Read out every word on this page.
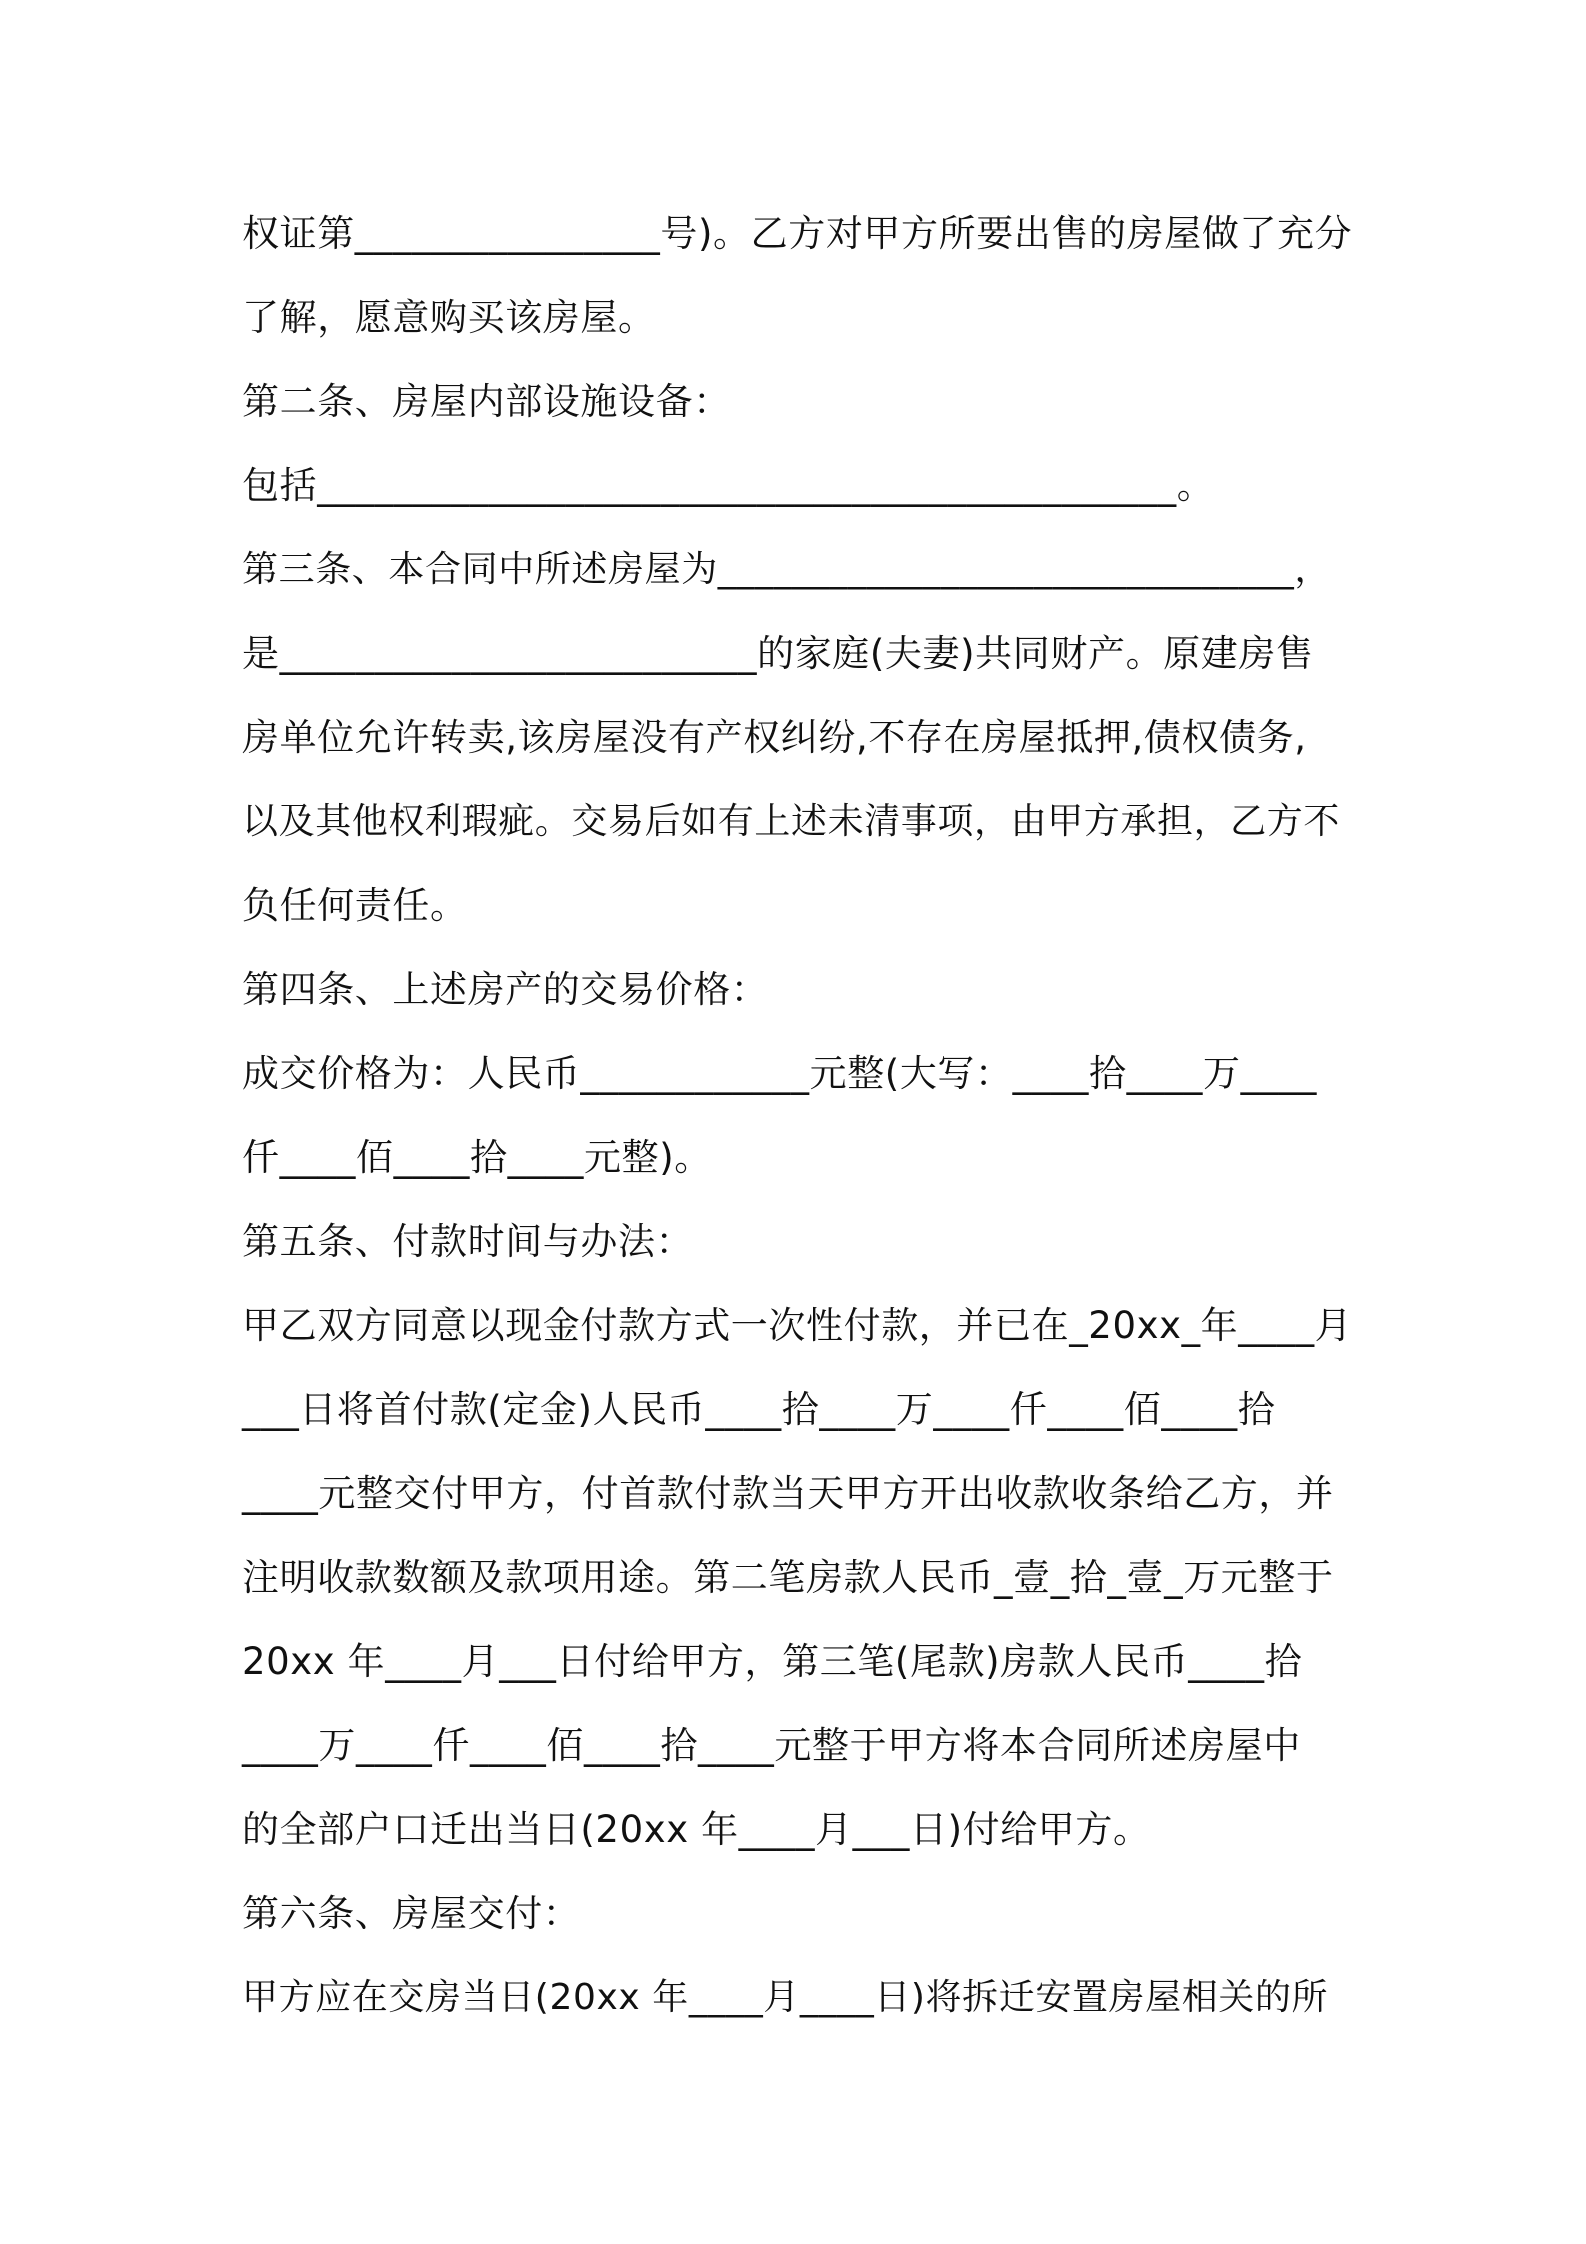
权证第________________号)。乙方对甲方所要出售的房屋做了充分
了解，愿意购买该房屋。
第二条、房屋内部设施设备：
包括_____________________________________________。
第三条、本合同中所述房屋为_______________________________，
是_________________________的家庭(夫妻)共同财产。原建房售
房单位允许转卖,该房屋没有产权纠纷,不存在房屋抵押,债权债务,
以及其他权利瑕疵。交易后如有上述未清事项，由甲方承担，乙方不
负任何责任。
第四条、上述房产的交易价格：
成交价格为：人民币____________元整(大写：____拾____万____
仟____佰____拾____元整)。
第五条、付款时间与办法：
甲乙双方同意以现金付款方式一次性付款，并已在_20xx_年____月
___日将首付款(定金)人民币____拾____万____仟____佰____拾
____元整交付甲方，付首款付款当天甲方开出收款收条给乙方，并
注明收款数额及款项用途。第二笔房款人民币_壹_拾_壹_万元整于
20xx 年____月___日付给甲方，第三笔(尾款)房款人民币____拾
____万____仟____佰____拾____元整于甲方将本合同所述房屋中
的全部户口迁出当日(20xx 年____月___日)付给甲方。
第六条、房屋交付：
甲方应在交房当日(20xx 年____月____日)将拆迁安置房屋相关的所
